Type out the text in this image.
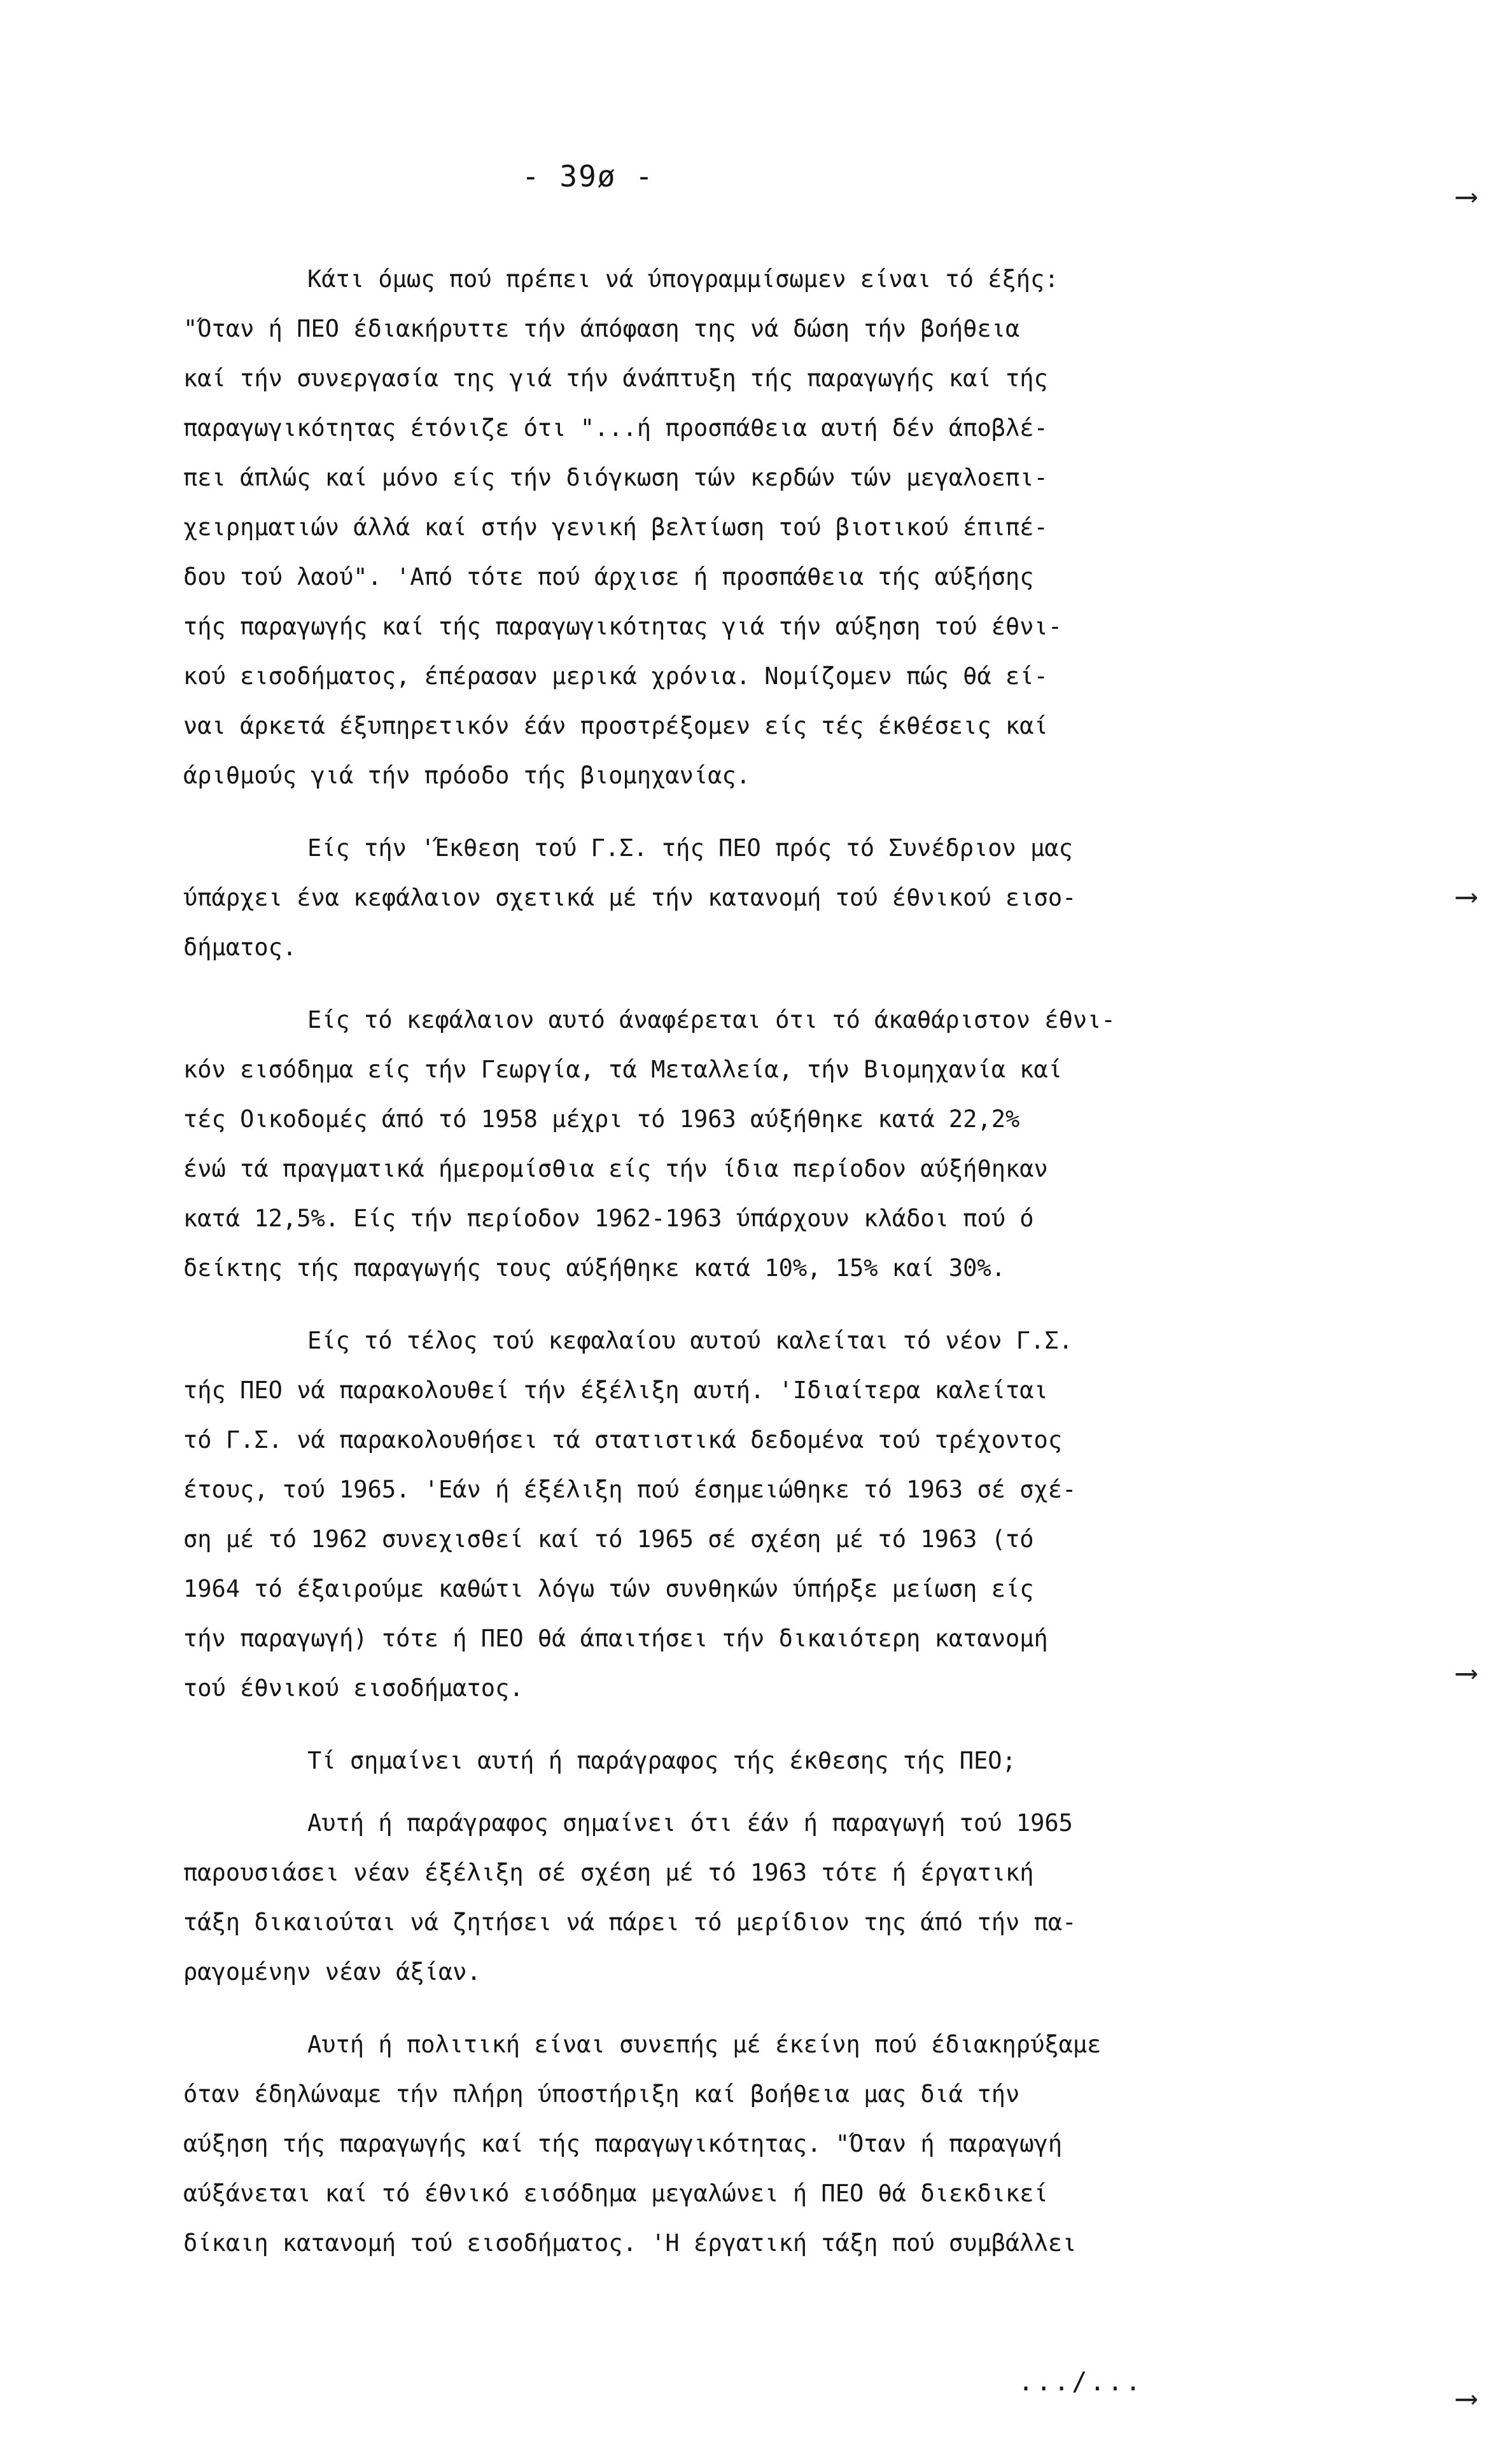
- 39ø -
⟶
⟶
⟶
⟶
Κάτι όμως πού πρέπει νά ύπογραμμίσωμεν είναι τό έξής:
"Όταν ή ΠΕΟ έδιακήρυττε τήν άπόφαση της νά δώση τήν βοήθεια
καί τήν συνεργασία της γιά τήν άνάπτυξη τής παραγωγής καί τής
παραγωγικότητας έτόνιζε ότι "...ή προσπάθεια αυτή δέν άποβλέ-
πει άπλώς καί μόνο είς τήν διόγκωση τών κερδών τών μεγαλοεπι-
χειρηματιών άλλά καί στήν γενική βελτίωση τού βιοτικού έπιπέ-
δου τού λαού". 'Από τότε πού άρχισε ή προσπάθεια τής αύξήσης
τής παραγωγής καί τής παραγωγικότητας γιά τήν αύξηση τού έθνι-
κού εισοδήματος, έπέρασαν μερικά χρόνια. Νομίζομεν πώς θά εί-
ναι άρκετά έξυπηρετικόν έάν προστρέξομεν είς τές έκθέσεις καί
άριθμούς γιά τήν πρόοδο τής βιομηχανίας.
Είς τήν 'Έκθεση τού Γ.Σ. τής ΠΕΟ πρός τό Συνέδριον μας
ύπάρχει ένα κεφάλαιον σχετικά μέ τήν κατανομή τού έθνικού εισο-
δήματος.
Είς τό κεφάλαιον αυτό άναφέρεται ότι τό άκαθάριστον έθνι-
κόν εισόδημα είς τήν Γεωργία, τά Μεταλλεία, τήν Βιομηχανία καί
τές Οικοδομές άπό τό 1958 μέχρι τό 1963 αύξήθηκε κατά 22,2%
ένώ τά πραγματικά ήμερομίσθια είς τήν ίδια περίοδον αύξήθηκαν
κατά 12,5%. Είς τήν περίοδον 1962-1963 ύπάρχουν κλάδοι πού ό
δείκτης τής παραγωγής τους αύξήθηκε κατά 10%, 15% καί 30%.
Είς τό τέλος τού κεφαλαίου αυτού καλείται τό νέον Γ.Σ.
τής ΠΕΟ νά παρακολουθεί τήν έξέλιξη αυτή. 'Ιδιαίτερα καλείται
τό Γ.Σ. νά παρακολουθήσει τά στατιστικά δεδομένα τού τρέχοντος
έτους, τού 1965. 'Εάν ή έξέλιξη πού έσημειώθηκε τό 1963 σέ σχέ-
ση μέ τό 1962 συνεχισθεί καί τό 1965 σέ σχέση μέ τό 1963 (τό
1964 τό έξαιρούμε καθώτι λόγω τών συνθηκών ύπήρξε μείωση είς
τήν παραγωγή) τότε ή ΠΕΟ θά άπαιτήσει τήν δικαιότερη κατανομή
τού έθνικού εισοδήματος.
Τί σημαίνει αυτή ή παράγραφος τής έκθεσης τής ΠΕΟ;
Αυτή ή παράγραφος σημαίνει ότι έάν ή παραγωγή τού 1965
παρουσιάσει νέαν έξέλιξη σέ σχέση μέ τό 1963 τότε ή έργατική
τάξη δικαιούται νά ζητήσει νά πάρει τό μερίδιον της άπό τήν πα-
ραγομένην νέαν άξίαν.
Αυτή ή πολιτική είναι συνεπής μέ έκείνη πού έδιακηρύξαμε
όταν έδηλώναμε τήν πλήρη ύποστήριξη καί βοήθεια μας διά τήν
αύξηση τής παραγωγής καί τής παραγωγικότητας. "Όταν ή παραγωγή
αύξάνεται καί τό έθνικό εισόδημα μεγαλώνει ή ΠΕΟ θά διεκδικεί
δίκαιη κατανομή τού εισοδήματος. 'Η έργατική τάξη πού συμβάλλει
.../...
